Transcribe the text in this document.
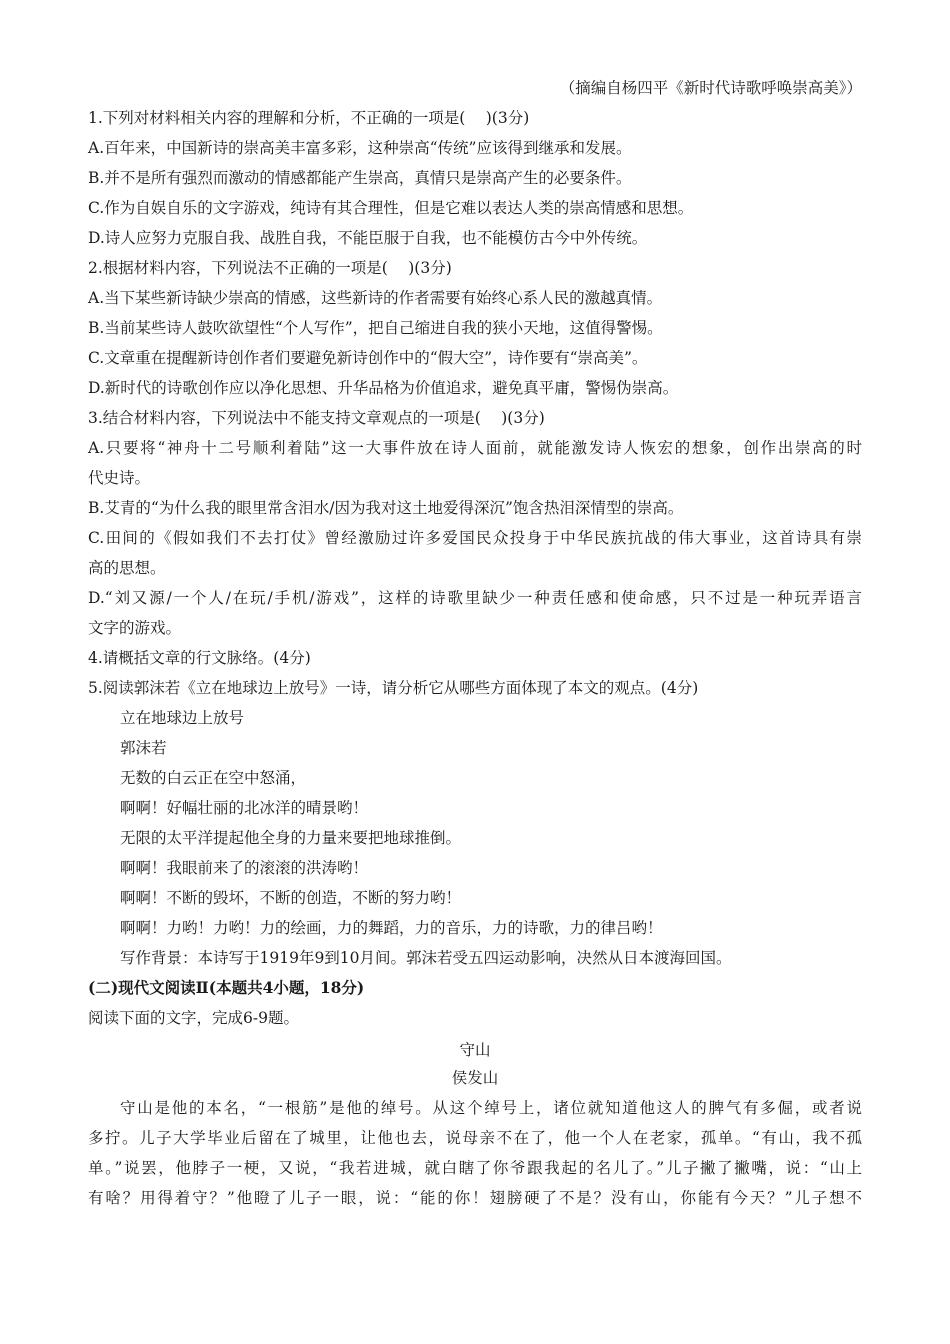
（摘编自杨四平《新时代诗歌呼唤崇高美》）
1.下列对材料相关内容的理解和分析，不正确的一项是(　 )(3分)
A.百年来，中国新诗的崇高美丰富多彩，这种崇高“传统”应该得到继承和发展。
B.并不是所有强烈而激动的情感都能产生崇高，真情只是崇高产生的必要条件。
C.作为自娱自乐的文字游戏，纯诗有其合理性，但是它难以表达人类的崇高情感和思想。
D.诗人应努力克服自我、战胜自我，不能臣服于自我，也不能模仿古今中外传统。
2.根据材料内容，下列说法不正确的一项是(　 )(3分)
A.当下某些新诗缺少崇高的情感，这些新诗的作者需要有始终心系人民的激越真情。
B.当前某些诗人鼓吹欲望性“个人写作”，把自己缩进自我的狭小天地，这值得警惕。
C.文章重在提醒新诗创作者们要避免新诗创作中的“假大空”，诗作要有“崇高美”。
D.新时代的诗歌创作应以净化思想、升华品格为价值追求，避免真平庸，警惕伪崇高。
3.结合材料内容，下列说法中不能支持文章观点的一项是(　 )(3分)
A.只要将“神舟十二号顺利着陆”这一大事件放在诗人面前，就能激发诗人恢宏的想象，创作出崇高的时
代史诗。
B.艾青的“为什么我的眼里常含泪水/因为我对这土地爱得深沉”饱含热泪深情型的崇高。
C.田间的《假如我们不去打仗》曾经激励过许多爱国民众投身于中华民族抗战的伟大事业，这首诗具有崇
高的思想。
D.“刘又源/一个人/在玩/手机/游戏”，这样的诗歌里缺少一种责任感和使命感，只不过是一种玩弄语言
文字的游戏。
4.请概括文章的行文脉络。(4分)
5.阅读郭沫若《立在地球边上放号》一诗，请分析它从哪些方面体现了本文的观点。(4分)
立在地球边上放号
郭沫若
无数的白云正在空中怒涌，
啊啊！好幅壮丽的北冰洋的晴景哟！
无限的太平洋提起他全身的力量来要把地球推倒。
啊啊！我眼前来了的滚滚的洪涛哟！
啊啊！不断的毁坏，不断的创造，不断的努力哟！
啊啊！力哟！力哟！力的绘画，力的舞蹈，力的音乐，力的诗歌，力的律吕哟！
写作背景：本诗写于1919年9到10月间。郭沫若受五四运动影响，决然从日本渡海回国。
(二)现代文阅读Ⅱ(本题共4小题，18分)
阅读下面的文字，完成6-9题。
守山
侯发山
守山是他的本名，“一根筋”是他的绰号。从这个绰号上，诸位就知道他这人的脾气有多倔，或者说
多拧。儿子大学毕业后留在了城里，让他也去，说母亲不在了，他一个人在老家，孤单。“有山，我不孤
单。”说罢，他脖子一梗，又说，“我若进城，就白瞎了你爷跟我起的名儿了。”儿子撇了撇嘴，说：“山上
有啥？用得着守？”他瞪了儿子一眼，说：“能的你！翅膀硬了不是？没有山，你能有今天？”儿子想不
